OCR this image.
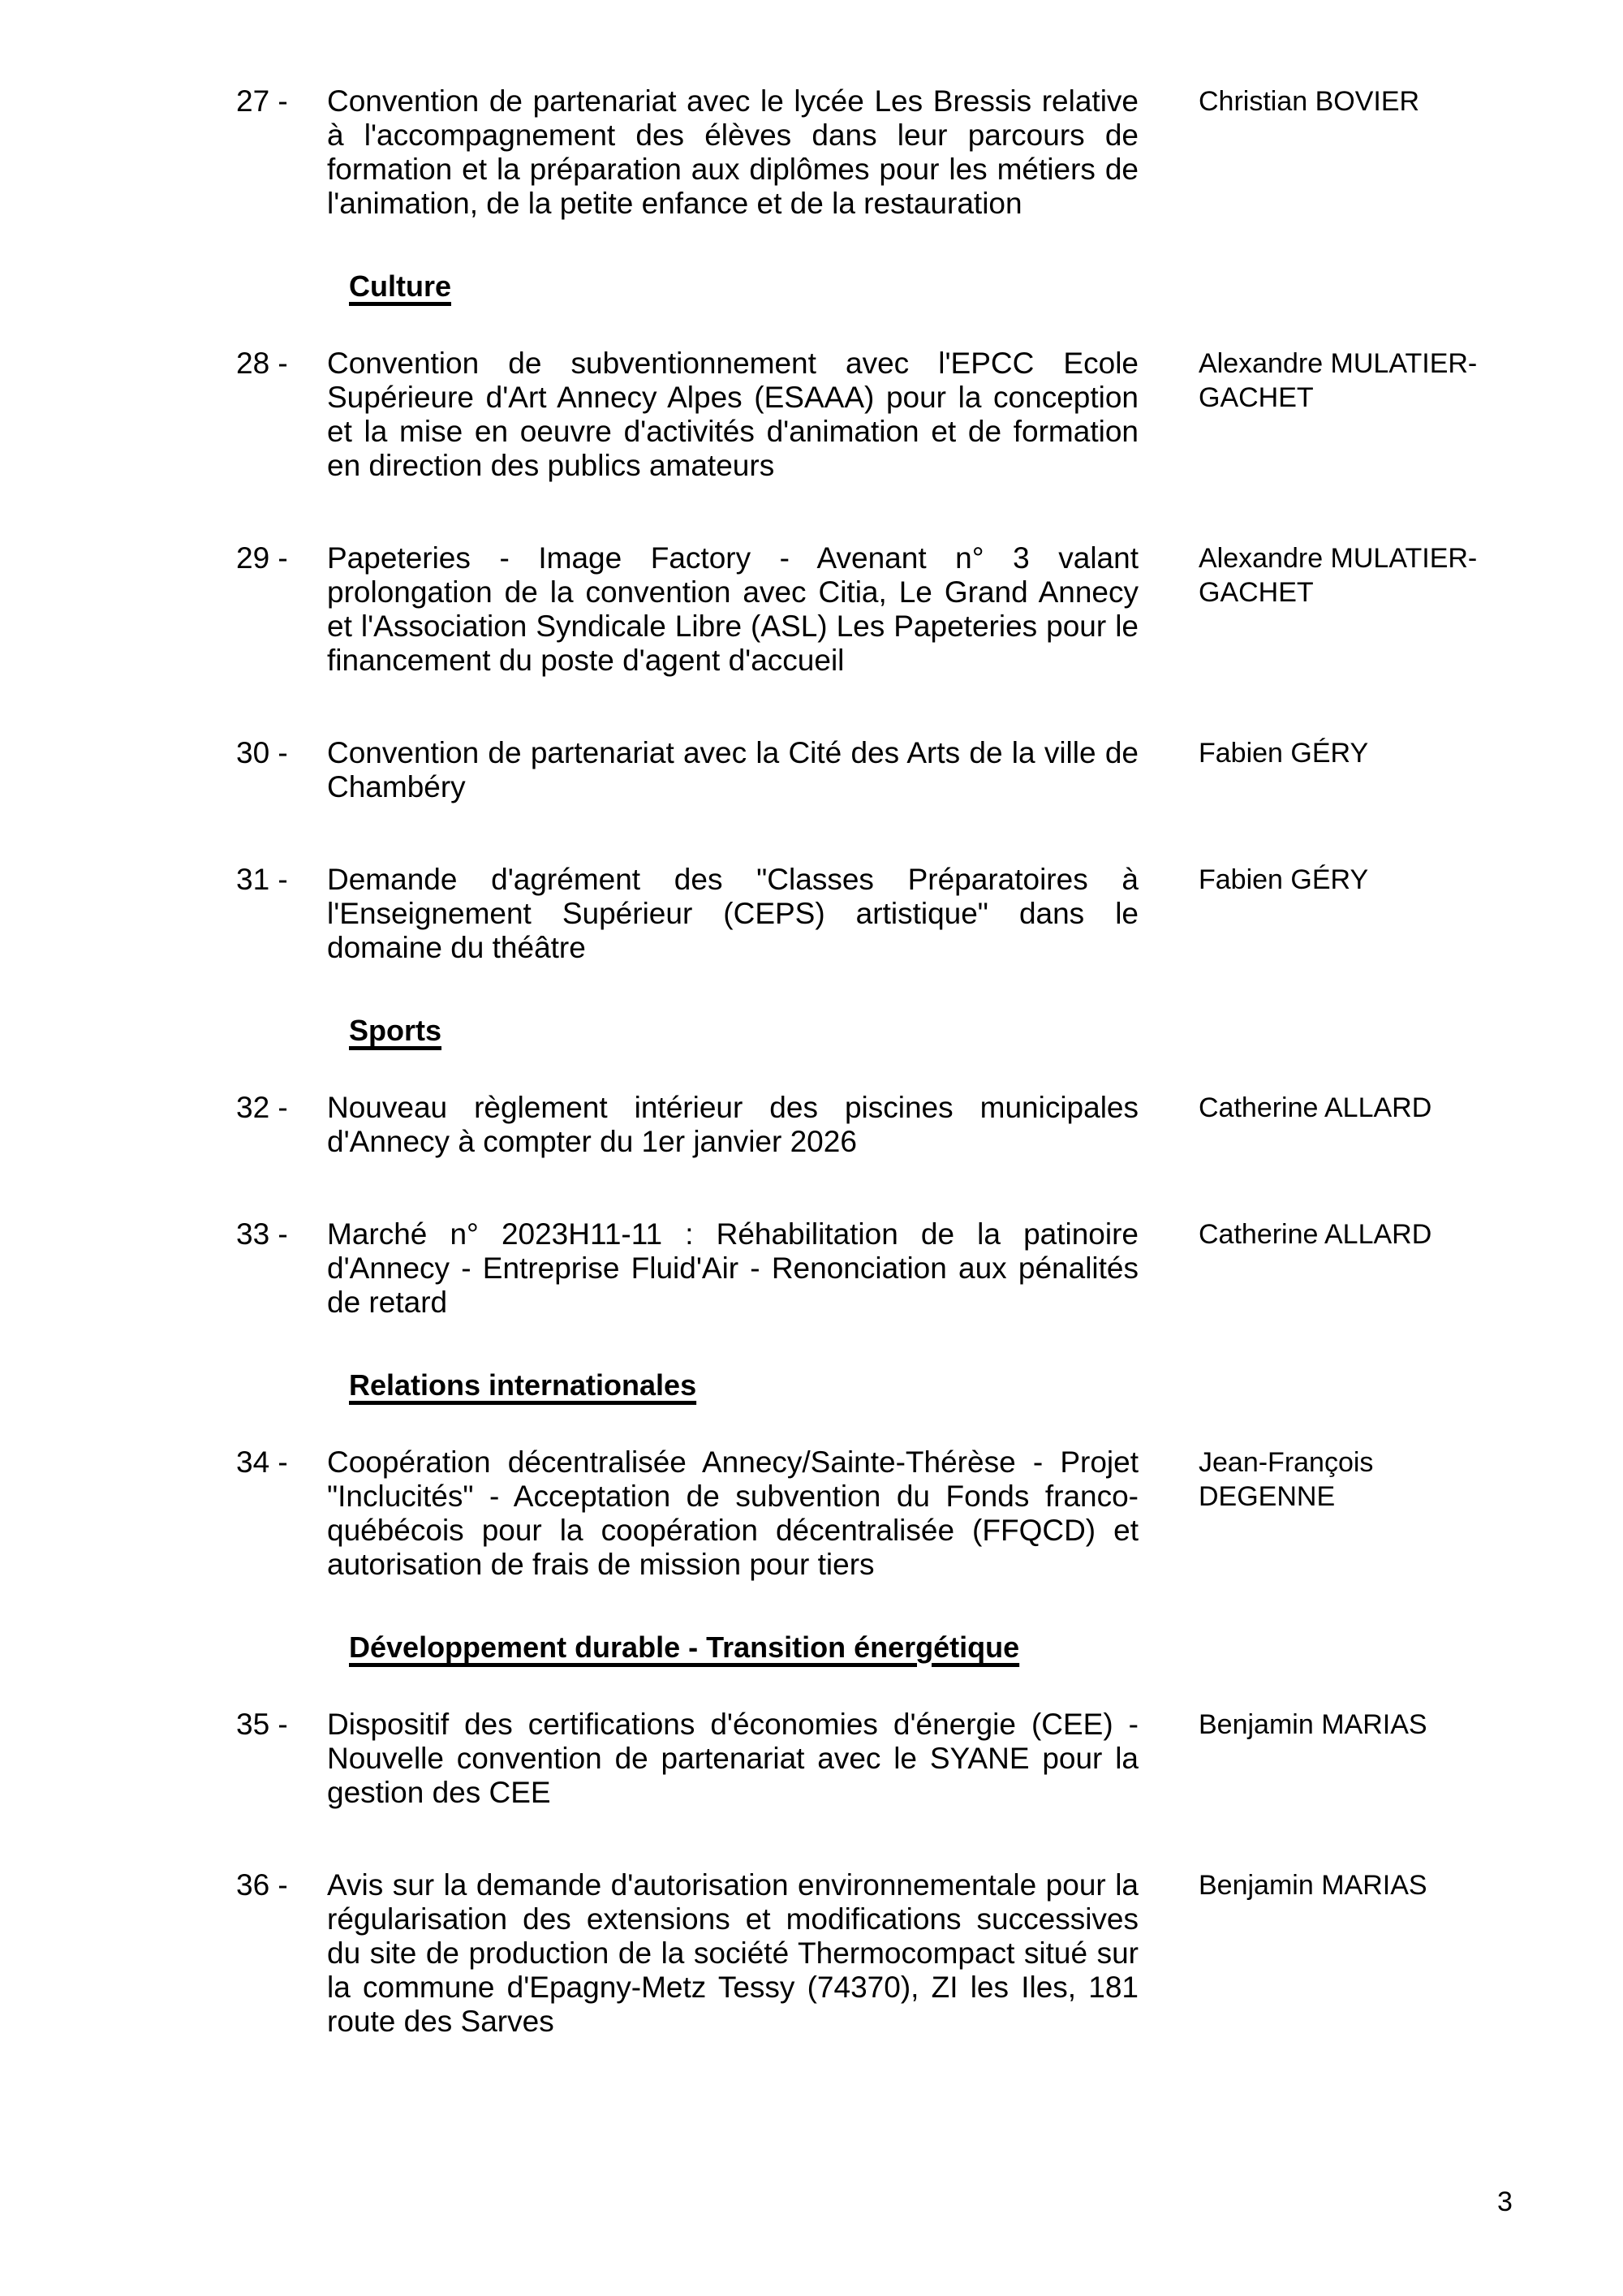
27 -	Convention de partenariat avec le lycée Les Bressis relative à l'accompagnement des élèves dans leur parcours de formation et la préparation aux diplômes pour les métiers de l'animation, de la petite enfance et de la restauration
Christian BOVIER
Culture
28 -	Convention de subventionnement avec l'EPCC Ecole Supérieure d'Art Annecy Alpes (ESAAA) pour la conception et la mise en oeuvre d'activités d'animation et de formation en direction des publics amateurs
Alexandre MULATIER-GACHET
29 -	Papeteries - Image Factory - Avenant n° 3 valant prolongation de la convention avec Citia, Le Grand Annecy et l'Association Syndicale Libre (ASL) Les Papeteries pour le financement du poste d'agent d'accueil
Alexandre MULATIER-GACHET
30 -	Convention de partenariat avec la Cité des Arts de la ville de Chambéry
Fabien GÉRY
31 -	Demande d'agrément des "Classes Préparatoires à l'Enseignement Supérieur (CEPS) artistique" dans le domaine du théâtre
Fabien GÉRY
Sports
32 -	Nouveau règlement intérieur des piscines municipales d'Annecy à compter du 1er janvier 2026
Catherine ALLARD
33 -	Marché n° 2023H11-11 : Réhabilitation de la patinoire d'Annecy - Entreprise Fluid'Air - Renonciation aux pénalités de retard
Catherine ALLARD
Relations internationales
34 -	Coopération décentralisée Annecy/Sainte-Thérèse - Projet "Inclucités" - Acceptation de subvention du Fonds franco-québécois pour la coopération décentralisée (FFQCD) et autorisation de frais de mission pour tiers
Jean-François DEGENNE
Développement durable - Transition énergétique
35 -	Dispositif des certifications d'économies d'énergie (CEE) - Nouvelle convention de partenariat avec le SYANE pour la gestion des CEE
Benjamin MARIAS
36 -	Avis sur la demande d'autorisation environnementale pour la régularisation des extensions et modifications successives du site de production de la société Thermocompact situé sur la commune d'Epagny-Metz Tessy (74370), ZI les Iles, 181 route des Sarves
Benjamin MARIAS
3
